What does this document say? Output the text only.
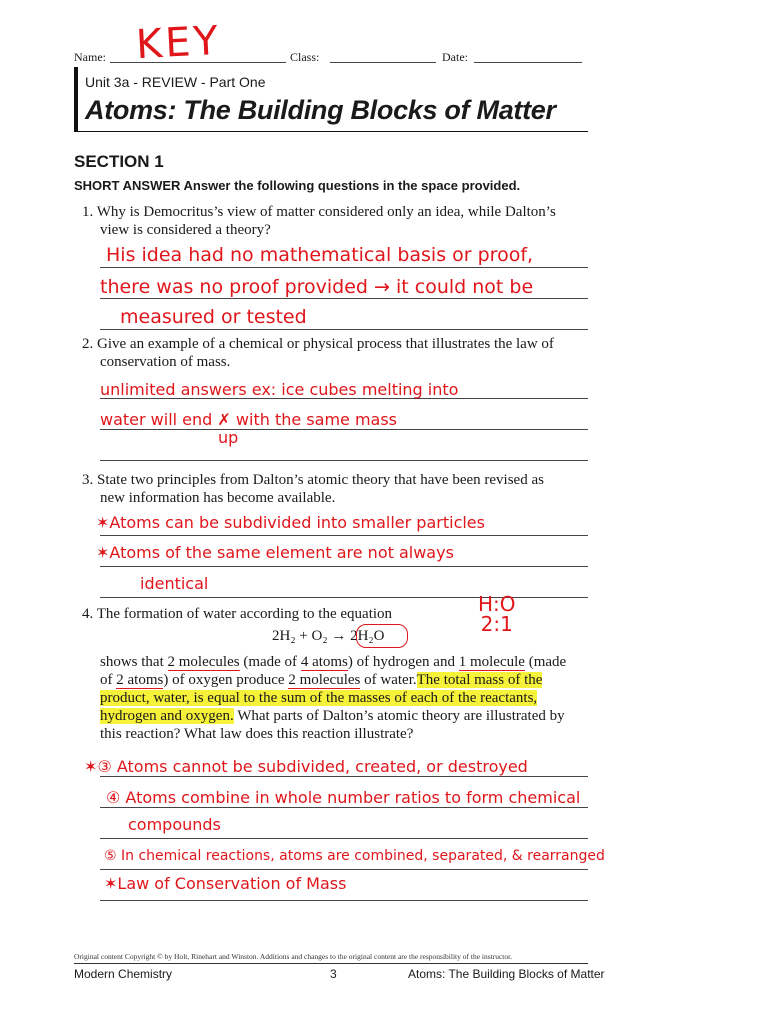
Name: KEY	Class:	Date:
Unit 3a - REVIEW - Part One
Atoms: The Building Blocks of Matter
SECTION 1
SHORT ANSWER Answer the following questions in the space provided.
1. Why is Democritus’s view of matter considered only an idea, while Dalton’s
view is considered a theory?
His idea had no mathematical basis or proof,
there was no proof provided → it could not be
measured or tested
2. Give an example of a chemical or physical process that illustrates the law of
conservation of mass.
unlimited answers ex: ice cubes melting into
water will end ✗ with the same mass
up
3. State two principles from Dalton’s atomic theory that have been revised as
new information has become available.
✶Atoms can be subdivided into smaller particles
✶Atoms of the same element are not always
identical
4. The formation of water according to the equation	H:O
2:1
2H₂ + O₂ → 2H₂O
shows that 2 molecules (made of 4 atoms) of hydrogen and 1 molecule (made
of 2 atoms) of oxygen produce 2 molecules of water.The total mass of the
product, water, is equal to the sum of the masses of each of the reactants,
hydrogen and oxygen. What parts of Dalton’s atomic theory are illustrated by
this reaction? What law does this reaction illustrate?
✶③ Atoms cannot be subdivided, created, or destroyed
④ Atoms combine in whole number ratios to form chemical
compounds
⑤ In chemical reactions, atoms are combined, separated, & rearranged
✶Law of Conservation of Mass
Original content Copyright © by Holt, Rinehart and Winston. Additions and changes to the original content are the responsibility of the instructor.
Modern Chemistry	3	Atoms: The Building Blocks of Matter
